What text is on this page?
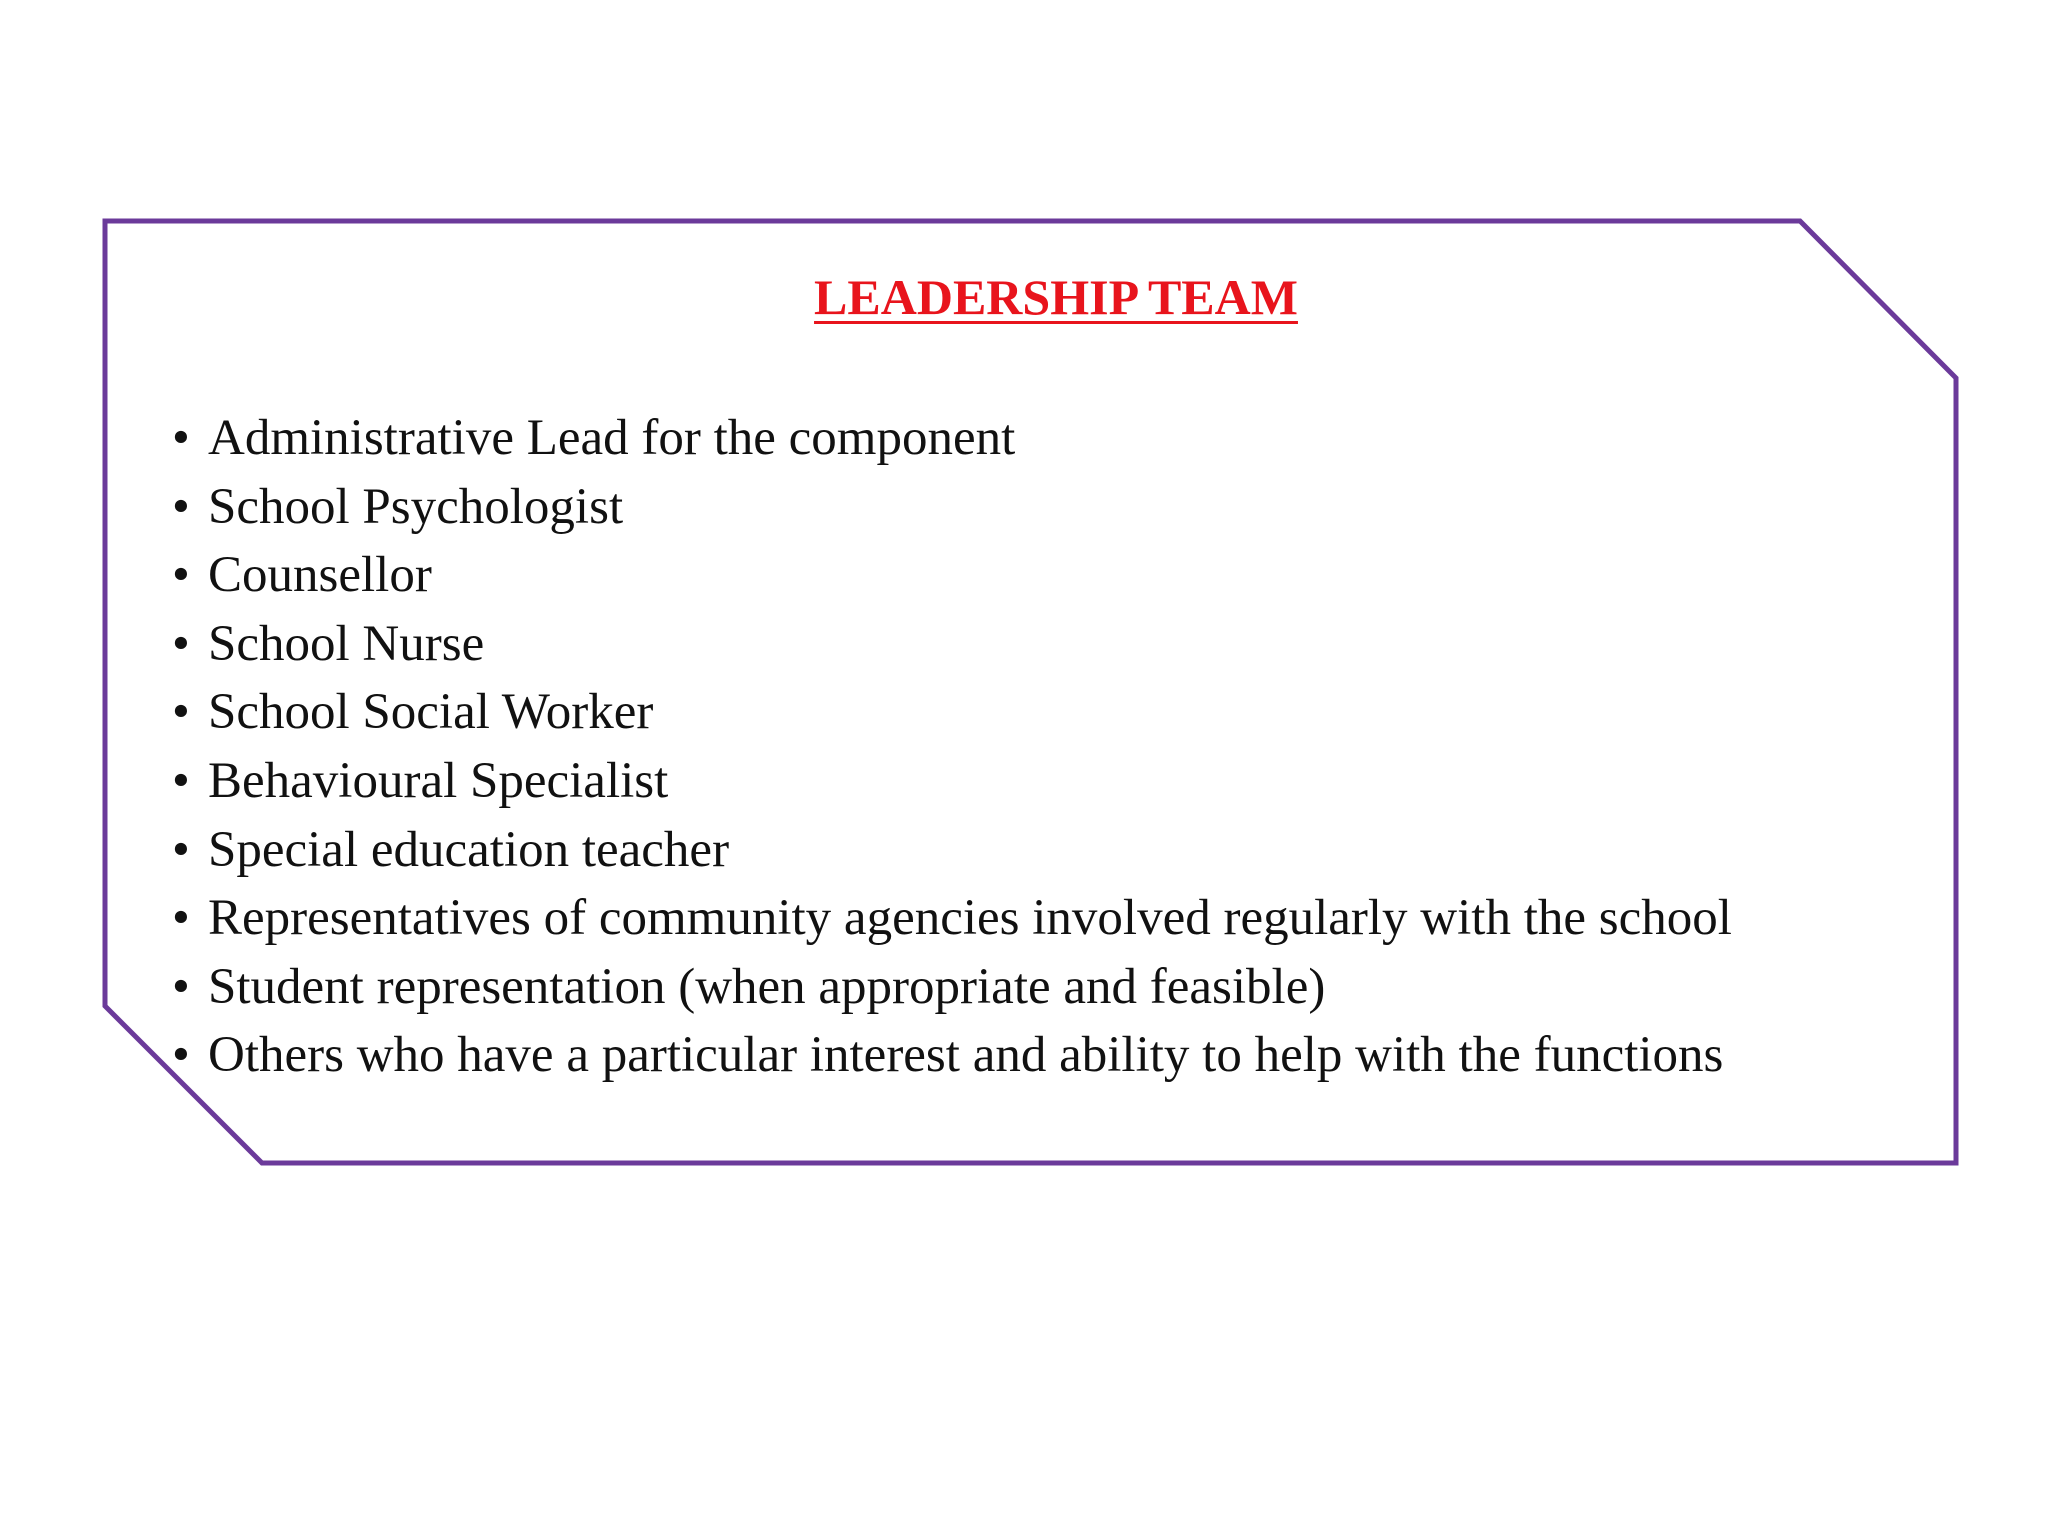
LEADERSHIP TEAM
• Administrative Lead for the component
• School Psychologist
• Counsellor
• School Nurse
• School Social Worker
• Behavioural Specialist
• Special education teacher
• Representatives of community agencies involved regularly with the school
• Student representation (when appropriate and feasible)
• Others who have a particular interest and ability to help with the functions
